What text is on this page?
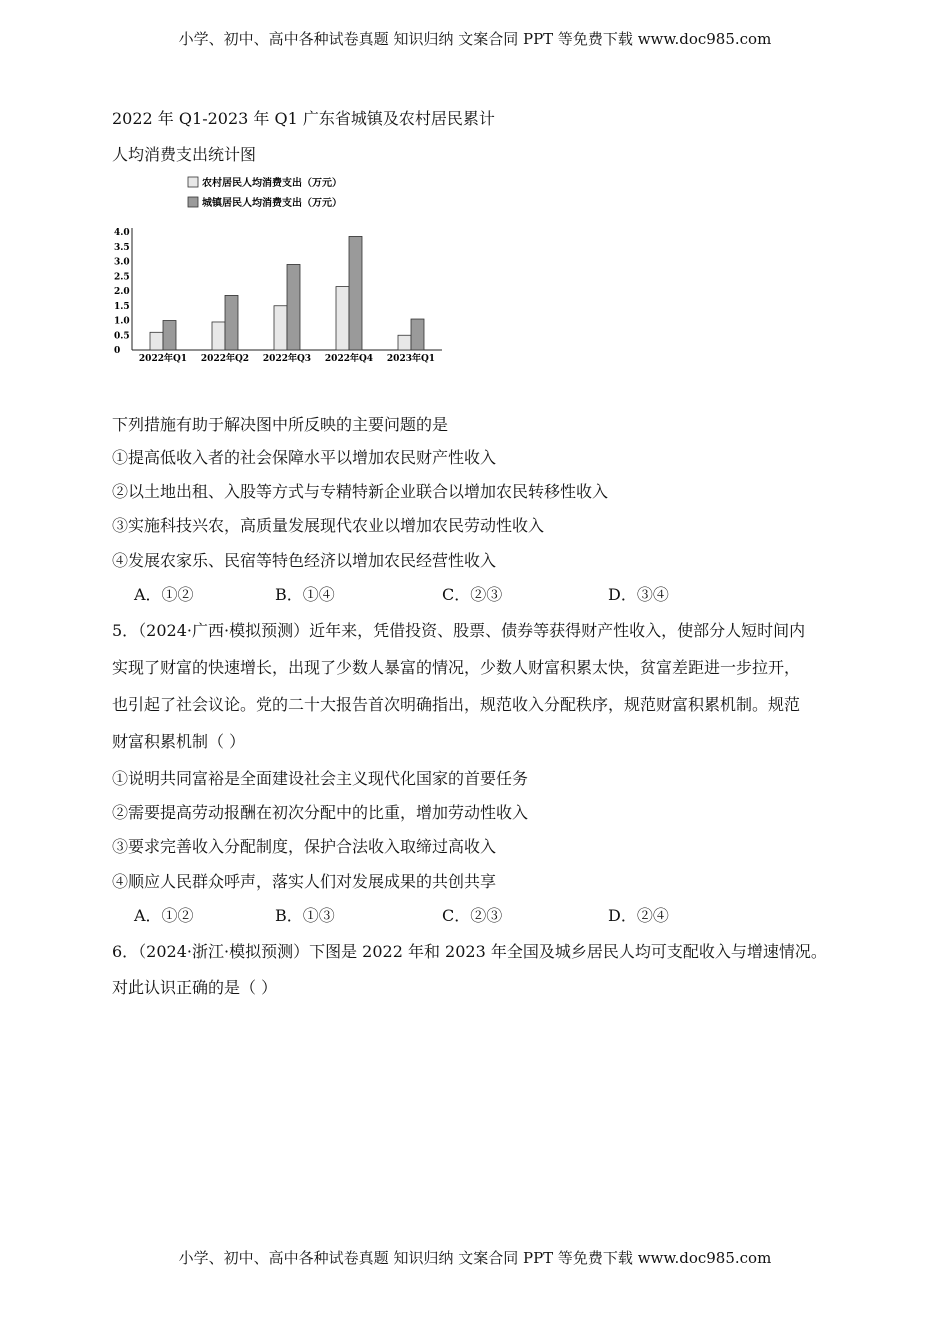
小学、初中、高中各种试卷真题 知识归纳 文案合同 PPT 等免费下载 www.doc985.com
2022 年 Q1-2023 年 Q1 广东省城镇及农村居民累计
人均消费支出统计图
农村居民人均消费支出（万元）
城镇居民人均消费支出（万元）
4.0
3.5
3.0
2.5
2.0
1.5
1.0
0.5
0
2022年Q1 2022年Q2 2022年Q3 2022年Q4 2023年Q1
下列措施有助于解决图中所反映的主要问题的是
①提高低收入者的社会保障水平以增加农民财产性收入
②以土地出租、入股等方式与专精特新企业联合以增加农民转移性收入
③实施科技兴农，高质量发展现代农业以增加农民劳动性收入
④发展农家乐、民宿等特色经济以增加农民经营性收入
A．①②	B．①④	C．②③	D．③④
5．（2024·广西·模拟预测）近年来，凭借投资、股票、债券等获得财产性收入，使部分人短时间内
实现了财富的快速增长，出现了少数人暴富的情况，少数人财富积累太快，贫富差距进一步拉开，
也引起了社会议论。党的二十大报告首次明确指出，规范收入分配秩序，规范财富积累机制。规范
财富积累机制（ ）
①说明共同富裕是全面建设社会主义现代化国家的首要任务
②需要提高劳动报酬在初次分配中的比重，增加劳动性收入
③要求完善收入分配制度，保护合法收入取缔过高收入
④顺应人民群众呼声，落实人们对发展成果的共创共享
A．①②	B．①③	C．②③	D．②④
6．（2024·浙江·模拟预测）下图是 2022 年和 2023 年全国及城乡居民人均可支配收入与增速情况。
对此认识正确的是（ ）
小学、初中、高中各种试卷真题 知识归纳 文案合同 PPT 等免费下载 www.doc985.com
